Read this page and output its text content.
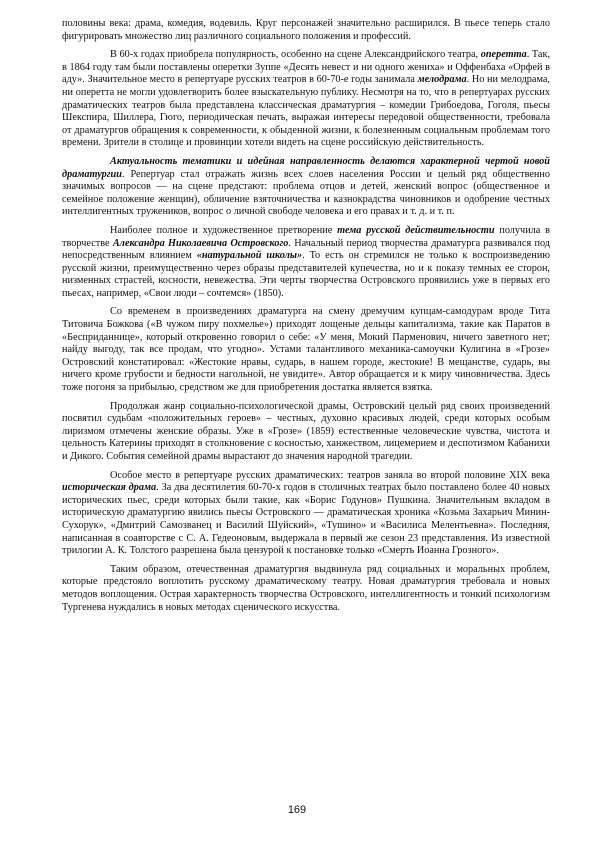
половины века: драма, комедия, водевиль. Круг персонажей значительно расширился. В пьесе теперь стало фигурировать множество лиц различного социального положения и профессий.

В 60-х годах приобрела популярность, особенно на сцене Александрийского театра, оперетта. Так, в 1864 году там были поставлены оперетки Зуппе «Десять невест и ни одного жениха» и Оффенбаха «Орфей в аду». Значительное место в репертуаре русских театров в 60-70-е годы занимала мелодрама. Но ни мелодрама, ни оперетта не могли удовлетворить более взыскательную публику. Несмотря на то, что в репертуарах русских драматических театров была представлена классическая драматургия – комедии Грибоедова, Гоголя, пьесы Шекспира, Шиллера, Гюго, периодическая печать, выражая интересы передовой общественности, требовала от драматургов обращения к современности, к обыденной жизни, к болезненным социальным проблемам того времени. Зрители в столице и провинции хотели видеть на сцене российскую действительность.

Актуальность тематики и идейная направленность делаются характерной чертой новой драматургии. Репертуар стал отражать жизнь всех слоев населения России и целый ряд общественно значимых вопросов — на сцене предстают: проблема отцов и детей, женский вопрос (общественное и семейное положение женщин), обличение взяточничества и казнокрадства чиновников и одобрение честных интеллигентных тружеников, вопрос о личной свободе человека и его правах и т. д. и т. п.

Наиболее полное и художественное претворение тема русской действительности получила в творчестве Александра Николаевича Островского. Начальный период творчества драматурга развивался под непосредственным влиянием «натуральной школы». То есть он стремился не только к воспроизведению русской жизни, преимущественно через образы представителей купечества, но и к показу темных ее сторон, низменных страстей, косности, невежества. Эти черты творчества Островского проявились уже в первых его пьесах, например, «Свои люди – сочтемся» (1850).

Со временем в произведениях драматурга на смену дремучим купцам-самодурам вроде Тита Титовича Божкова («В чужом пиру похмелье») приходят лощеные дельцы капитализма, такие как Паратов в «Бесприданнице», который откровенно говорил о себе: «У меня, Мокий Парменович, ничего заветного нет; найду выгоду, так все продам, что угодно». Устами талантливого механика-самоучки Кулигина в «Грозе» Островский констатировал: «Жестокие нравы, сударь, в нашем городе, жестокие! В мещанстве, сударь, вы ничего кроме грубости и бедности нагольной, не увидите». Автор обращается и к миру чиновничества. Здесь тоже погоня за прибылью, средством же для приобретения достатка является взятка.

Продолжая жанр социально-психологической драмы, Островский целый ряд своих произведений посвятил судьбам «положительных героев» – честных, духовно красивых людей, среди которых особым лиризмом отмечены женские образы. Уже в «Грозе» (1859) естественные человеческие чувства, чистота и цельность Катерины приходят в столкновение с косностью, ханжеством, лицемерием и деспотизмом Кабанихи и Дикого. События семейной драмы вырастают до значения народной трагедии.

Особое место в репертуаре русских драматических: театров заняла во второй половине XIX века историческая драма. За два десятилетия 60-70-х годов в столичных театрах было поставлено более 40 новых исторических пьес, среди которых были такие, как «Борис Годунов» Пушкина. Значительным вкладом в историческую драматургию явились пьесы Островского — драматическая хроника «Козьма Захарьич Минин-Сухорук», «Дмитрий Самозванец и Василий Шуйский», «Тушино» и «Василиса Мелентьевна». Последняя, написанная в соавторстве с С. А. Гедеоновым, выдержала в первый же сезон 23 представления. Из известной трилогии А. К. Толстого разрешена была цензурой к постановке только «Смерть Иоанна Грозного».

Таким образом, отечественная драматургия выдвинула ряд социальных и моральных проблем, которые предстояло воплотить русскому драматическому театру. Новая драматургия требовала и новых методов воплощения. Острая характерность творчества Островского, интеллигентность и тонкий психологизм Тургенева нуждались в новых методах сценического искусства.

169
